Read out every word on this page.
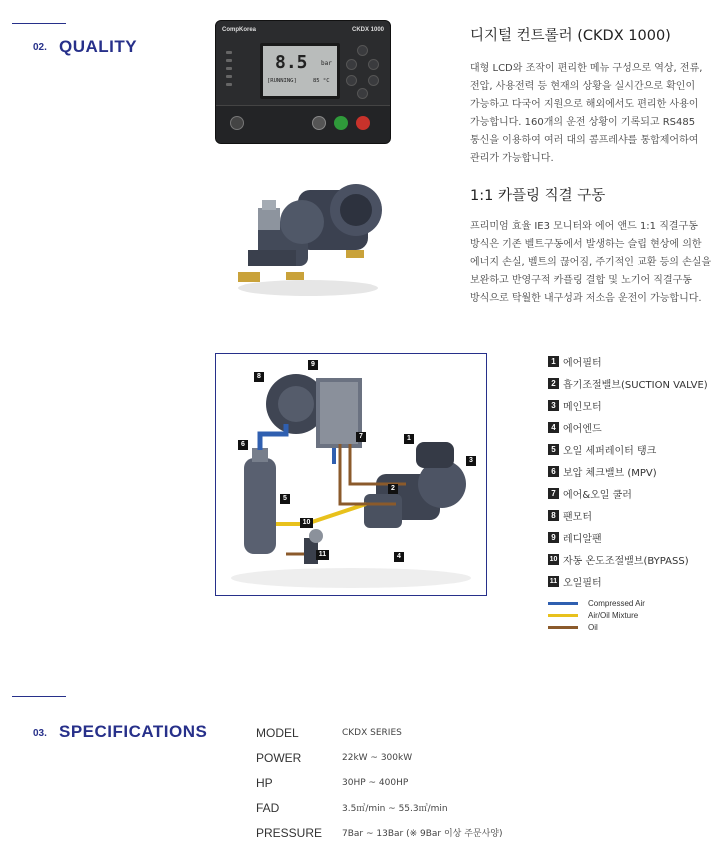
02. QUALITY
CompKorea	CKDX 1000
8.5 bar
[RUNNING]	85 °C
디지털 컨트롤러 (CKDX 1000)
대형 LCD와 조작이 편리한 메뉴 구성으로 역상, 전류,
전압, 사용전력 등 현재의 상황을 실시간으로 확인이
가능하고 다국어 지원으로 해외에서도 편리한 사용이
가능합니다. 160개의 운전 상황이 기록되고 RS485
통신을 이용하여 여러 대의 콤프레샤를 통합제어하여
관리가 가능합니다.
1:1 카플링 직결 구동
프리미엄 효율 IE3 모니터와 에어 앤드 1:1 직결구동
방식은 기존 벨트구동에서 발생하는 슬립 현상에 의한
에너지 손실, 벨트의 끊어짐, 주기적인 교환 등의 손실을
보완하고 반영구적 카플링 결합 및 노기어 직결구동
방식으로 탁월한 내구성과 저소음 운전이 가능합니다.
8
9
6
7	1
3
2
5
10
11	4
1 에어필터
2 흡기조절밸브(SUCTION VALVE)
3 메인모터
4 에어엔드
5 오일 세퍼레이터 탱크
6 보압 체크밸브 (MPV)
7 에어&오일 쿨러
8 팬모터
9 레디알팬
10 자동 온도조절밸브(BYPASS)
11 오일필터
Compressed Air
Air/Oil Mixture
Oil
03. SPECIFICATIONS	MODEL	CKDX SERIES
POWER	22kW ~ 300kW
HP	30HP ~ 400HP
FAD	3.5㎥/min ~ 55.3㎥/min
PRESSURE	7Bar ~ 13Bar (※ 9Bar 이상 주문사양)
